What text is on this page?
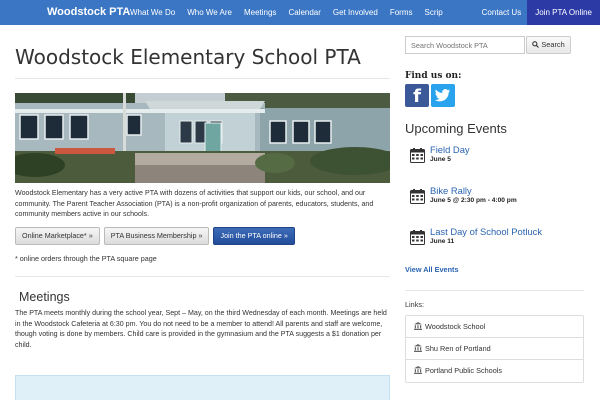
Woodstock PTA What We Do	Who We Are	Meetings	Calendar	Get Involved	Forms	Scrip	Contact Us	Join PTA Online
Woodstock Elementary School PTA
Woodstock Elementary has a very active PTA with dozens of activities that support our kids, our school, and our community. The Parent Teacher Association (PTA) is a non-profit organization of parents, educators, students, and community members active in our schools.
Online Marketplace* »	PTA Business Membership »	Join the PTA online »
* online orders through the PTA square page
Meetings
The PTA meets monthly during the school year, Sept – May, on the third Wednesday of each month. Meetings are held in the Woodstock Cafeteria at 6:30 pm. You do not need to be a member to attend! All parents and staff are welcome, though voting is done by members. Child care is provided in the gymnasium and the PTA suggests a $1 donation per child.
Search Woodstock PTA
Search
Find us on:
f
Upcoming Events
Field Day
June 5
Bike Rally
June 5 @ 2:30 pm - 4:00 pm
Last Day of School Potluck
June 11
View All Events
Links:
Woodstock School
Shu Ren of Portland
Portland Public Schools
